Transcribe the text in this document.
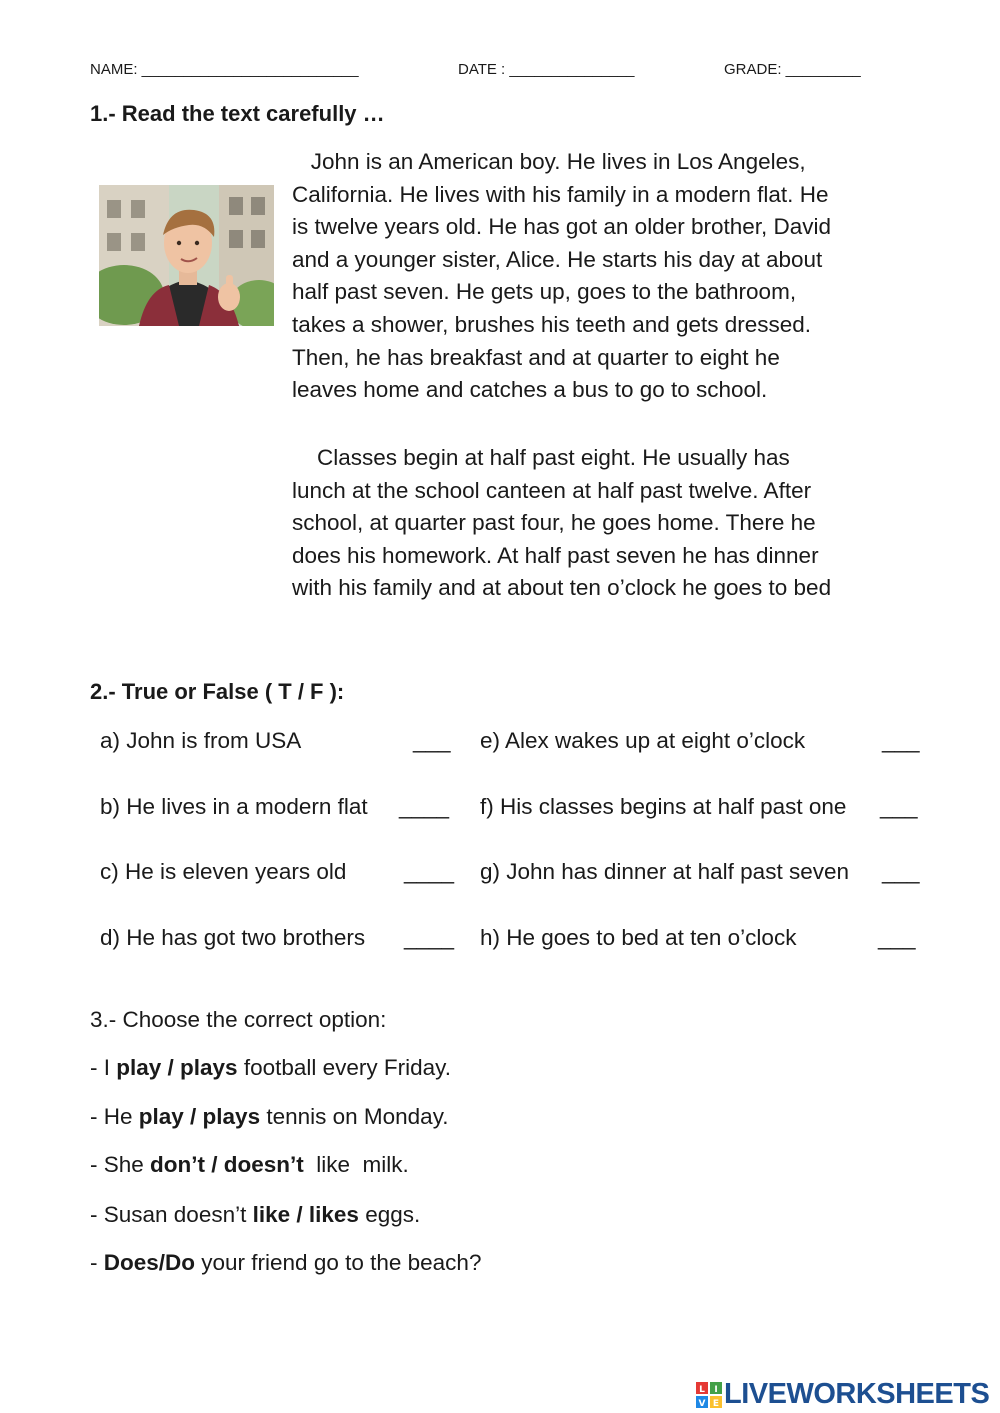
NAME: __________________________	DATE : _______________	GRADE: _________
1.- Read the text carefully …
John is an American boy. He lives in Los Angeles,
California. He lives with his family in a modern flat. He
is twelve years old. He has got an older brother, David
and a younger sister, Alice. He starts his day at about
half past seven. He gets up, goes to the bathroom,
takes a shower, brushes his teeth and gets dressed.
Then, he has breakfast and at quarter to eight he
leaves home and catches a bus to go to school.
Classes begin at half past eight. He usually has
lunch at the school canteen at half past twelve. After
school, at quarter past four, he goes home. There he
does his homework. At half past seven he has dinner
with his family and at about ten o’clock he goes to bed
2.- True or False ( T / F ):
a) John is from USA	___
b) He lives in a modern flat ____
c) He is eleven years old	____
d) He has got two brothers ____
e) Alex wakes up at eight o’clock	___
f) His classes begins at half past one ___
g) John has dinner at half past seven ___
h) He goes to bed at ten o’clock	___
3.- Choose the correct option:
- I play / plays football every Friday.
- He play / plays tennis on Monday.
- She don’t / doesn’t  like  milk.
- Susan doesn’t like / likes eggs.
- Does/Do your friend go to the beach?
L I
V E LIVEWORKSHEETS
